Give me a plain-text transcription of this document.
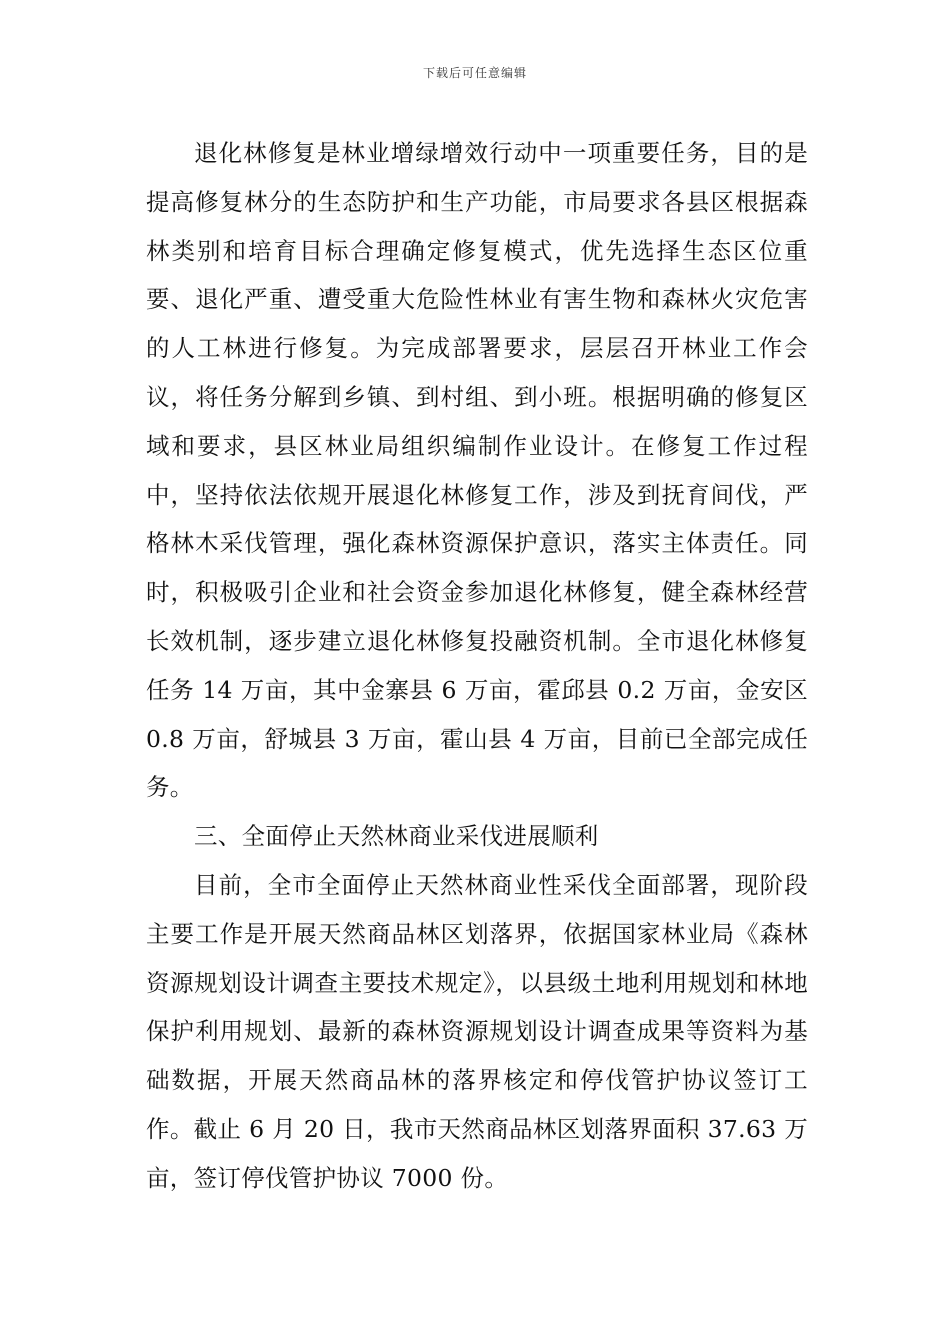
下载后可任意编辑

退化林修复是林业增绿增效行动中一项重要任务，目的是提高修复林分的生态防护和生产功能，市局要求各县区根据森林类别和培育目标合理确定修复模式，优先选择生态区位重要、退化严重、遭受重大危险性林业有害生物和森林火灾危害的人工林进行修复。为完成部署要求，层层召开林业工作会议，将任务分解到乡镇、到村组、到小班。根据明确的修复区域和要求，县区林业局组织编制作业设计。在修复工作过程中，坚持依法依规开展退化林修复工作，涉及到抚育间伐，严格林木采伐管理，强化森林资源保护意识，落实主体责任。同时，积极吸引企业和社会资金参加退化林修复，健全森林经营长效机制，逐步建立退化林修复投融资机制。全市退化林修复任务 14 万亩，其中金寨县 6 万亩，霍邱县 0.2 万亩，金安区 0.8 万亩，舒城县 3 万亩，霍山县 4 万亩，目前已全部完成任务。

三、全面停止天然林商业采伐进展顺利

目前，全市全面停止天然林商业性采伐全面部署，现阶段主要工作是开展天然商品林区划落界，依据国家林业局《森林资源规划设计调查主要技术规定》，以县级土地利用规划和林地保护利用规划、最新的森林资源规划设计调查成果等资料为基础数据，开展天然商品林的落界核定和停伐管护协议签订工作。截止 6 月 20 日，我市天然商品林区划落界面积 37.63 万亩，签订停伐管护协议 7000 份。
